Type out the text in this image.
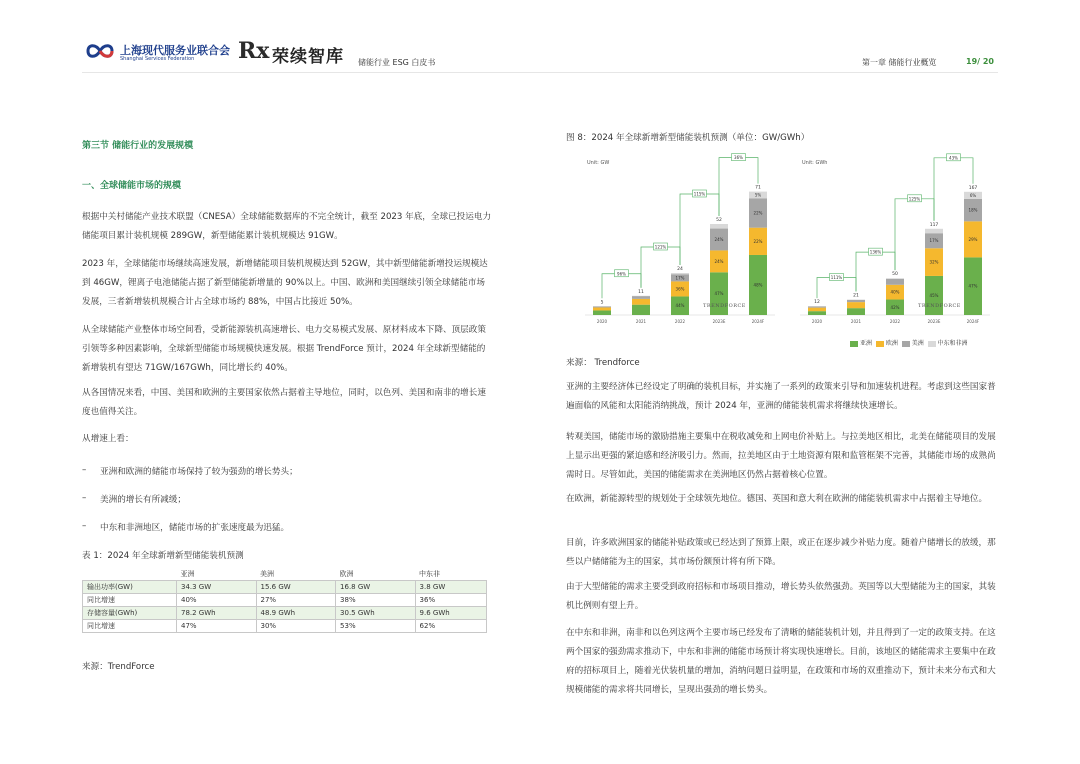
上海现代服务业联合会
Shanghai Services Federation Rx 荣续智库 储能行业 ESG 白皮书	第一章 储能行业概览	19/ 20
第三节 储能行业的发展规模
一、全球储能市场的规模
根据中关村储能产业技术联盟（CNESA）全球储能数据库的不完全统计，截至 2023 年底，全球已投运电力储能项目累计装机规模 289GW，新型储能累计装机规模达 91GW。
2023 年，全球储能市场继续高速发展，新增储能项目装机规模达到 52GW，其中新型储能新增投运规模达到 46GW，锂离子电池储能占据了新型储能新增量的 90%以上。中国、欧洲和美国继续引领全球储能市场发展，三者新增装机规模合计占全球市场约 88%，中国占比接近 50%。
从全球储能产业整体市场空间看，受新能源装机高速增长、电力交易模式发展、原材料成本下降、顶层政策引领等多种因素影响，全球新型储能市场规模快速发展。根据 TrendForce 预计，2024 年全球新型储能的新增装机有望达 71GW/167GWh，同比增长约 40%。
从各国情况来看，中国、美国和欧洲的主要国家依然占据着主导地位，同时，以色列、美国和南非的增长速度也值得关注。
从增速上看：
– 亚洲和欧洲的储能市场保持了较为强劲的增长势头；
– 美洲的增长有所减缓；
– 中东和非洲地区，储能市场的扩张速度最为迅猛。
表 1：2024 年全球新增新型储能装机预测
	亚洲	美洲	欧洲	中东非
输出功率(GW)	34.3 GW	15.6 GW	16.8 GW	3.8 GW
同比增速	40%	27%	38%	36%
存储容量(GWh)	78.2 GWh	48.9 GWh	30.5 GWh	9.6 GWh
同比增速	47%	30%	53%	62%
来源：TrendForce
图 8：2024 年全球新增新型储能装机预测（单位：GW/GWh）
Unit: GW
5
2020
11
2021
44%
36%
17%
24
2022
47%
24%
24%
52
2023E
48%
22%
22%
5%
71
2024F
96%
121%
115%
36%
TRENDFORCE
Unit: GWh
12
2020
21
2021
42%
40%
50
2022
45%
32%
17%
117
2023E
47%
29%
18%
6%
167
2024F
111%
136%
125%
43%
TRENDFORCE
亚洲 欧洲 美洲 中东和非洲
来源： Trendforce
亚洲的主要经济体已经设定了明确的装机目标，并实施了一系列的政策来引导和加速装机进程。考虑到这些国家普遍面临的风能和太阳能消纳挑战，预计 2024 年，亚洲的储能装机需求将继续快速增长。
转观美国，储能市场的激励措施主要集中在税收减免和上网电价补贴上。与拉美地区相比，北美在储能项目的发展上显示出更强的紧迫感和经济吸引力。然而，拉美地区由于土地资源有限和监管框架不完善，其储能市场的成熟尚需时日。尽管如此，美国的储能需求在美洲地区仍然占据着核心位置。
在欧洲，新能源转型的规划处于全球领先地位。德国、英国和意大利在欧洲的储能装机需求中占据着主导地位。
目前，许多欧洲国家的储能补贴政策或已经达到了预算上限，或正在逐步减少补贴力度。随着户储增长的放缓，那些以户储储能为主的国家，其市场份额预计将有所下降。
由于大型储能的需求主要受到政府招标和市场项目推动，增长势头依然强劲。英国等以大型储能为主的国家，其装机比例则有望上升。
在中东和非洲，南非和以色列这两个主要市场已经发布了清晰的储能装机计划，并且得到了一定的政策支持。在这两个国家的强劲需求推动下，中东和非洲的储能市场预计将实现快速增长。目前，该地区的储能需求主要集中在政府的招标项目上，随着光伏装机量的增加，消纳问题日益明显，在政策和市场的双重推动下，预计未来分布式和大规模储能的需求将共同增长，呈现出强劲的增长势头。
